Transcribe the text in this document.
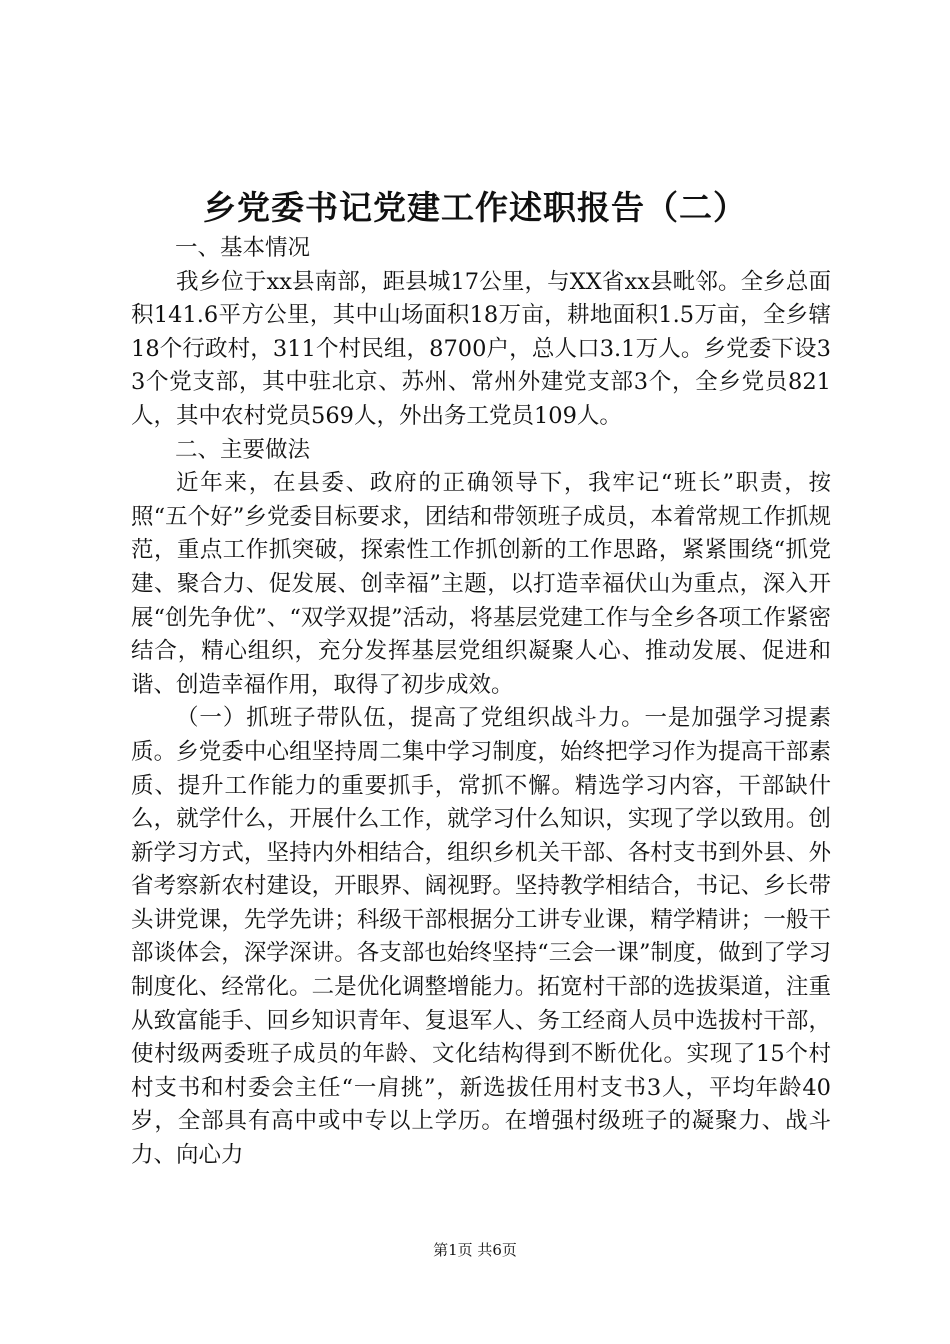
乡党委书记党建工作述职报告（二）

一、基本情况

我乡位于xx县南部，距县城17公里，与XX省xx县毗邻。全乡总面积141.6平方公里，其中山场面积18万亩，耕地面积1.5万亩，全乡辖18个行政村，311个村民组，8700户，总人口3.1万人。乡党委下设33个党支部，其中驻北京、苏州、常州外建党支部3个，全乡党员821人，其中农村党员569人，外出务工党员109人。

二、主要做法

近年来，在县委、政府的正确领导下，我牢记“班长”职责，按照“五个好”乡党委目标要求，团结和带领班子成员，本着常规工作抓规范，重点工作抓突破，探索性工作抓创新的工作思路，紧紧围绕“抓党建、聚合力、促发展、创幸福”主题，以打造幸福伏山为重点，深入开展“创先争优”、“双学双提”活动，将基层党建工作与全乡各项工作紧密结合，精心组织，充分发挥基层党组织凝聚人心、推动发展、促进和谐、创造幸福作用，取得了初步成效。

（一）抓班子带队伍，提高了党组织战斗力。一是加强学习提素质。乡党委中心组坚持周二集中学习制度，始终把学习作为提高干部素质、提升工作能力的重要抓手，常抓不懈。精选学习内容，干部缺什么，就学什么，开展什么工作，就学习什么知识，实现了学以致用。创新学习方式，坚持内外相结合，组织乡机关干部、各村支书到外县、外省考察新农村建设，开眼界、阔视野。坚持教学相结合，书记、乡长带头讲党课，先学先讲；科级干部根据分工讲专业课，精学精讲；一般干部谈体会，深学深讲。各支部也始终坚持“三会一课”制度，做到了学习制度化、经常化。二是优化调整增能力。拓宽村干部的选拔渠道，注重从致富能手、回乡知识青年、复退军人、务工经商人员中选拔村干部，使村级两委班子成员的年龄、文化结构得到不断优化。实现了15个村村支书和村委会主任“一肩挑”，新选拔任用村支书3人，平均年龄40岁，全部具有高中或中专以上学历。在增强村级班子的凝聚力、战斗力、向心力

第1页 共6页
